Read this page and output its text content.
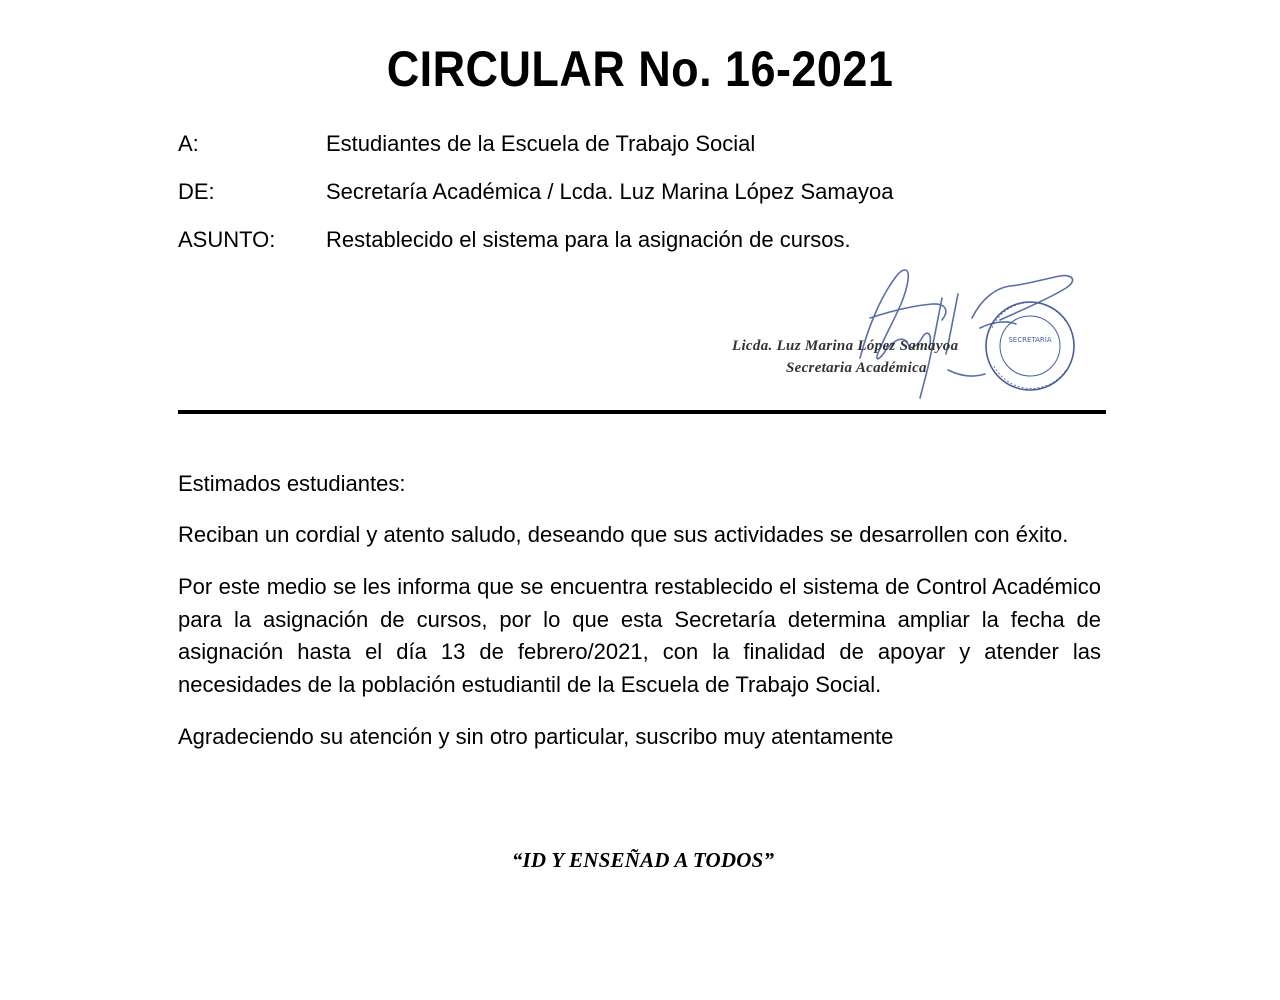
CIRCULAR No. 16-2021
A:	Estudiantes de la Escuela de Trabajo Social
DE:	Secretaría Académica / Lcda. Luz Marina López Samayoa
ASUNTO:	Restablecido el sistema para la asignación de cursos.
SECRETARÍA
Licda. Luz Marina López Samayoa
Secretaria Académica

Estimados estudiantes:

Reciban un cordial y atento saludo, deseando que sus actividades se desarrollen con éxito.

Por este medio se les informa que se encuentra restablecido el sistema de Control Académico para la asignación de cursos, por lo que esta Secretaría determina ampliar la fecha de asignación hasta el día 13 de febrero/2021, con la finalidad de apoyar y atender las necesidades de la población estudiantil de la Escuela de Trabajo Social.

Agradeciendo su atención y sin otro particular, suscribo muy atentamente

“ID Y ENSEÑAD A TODOS”
